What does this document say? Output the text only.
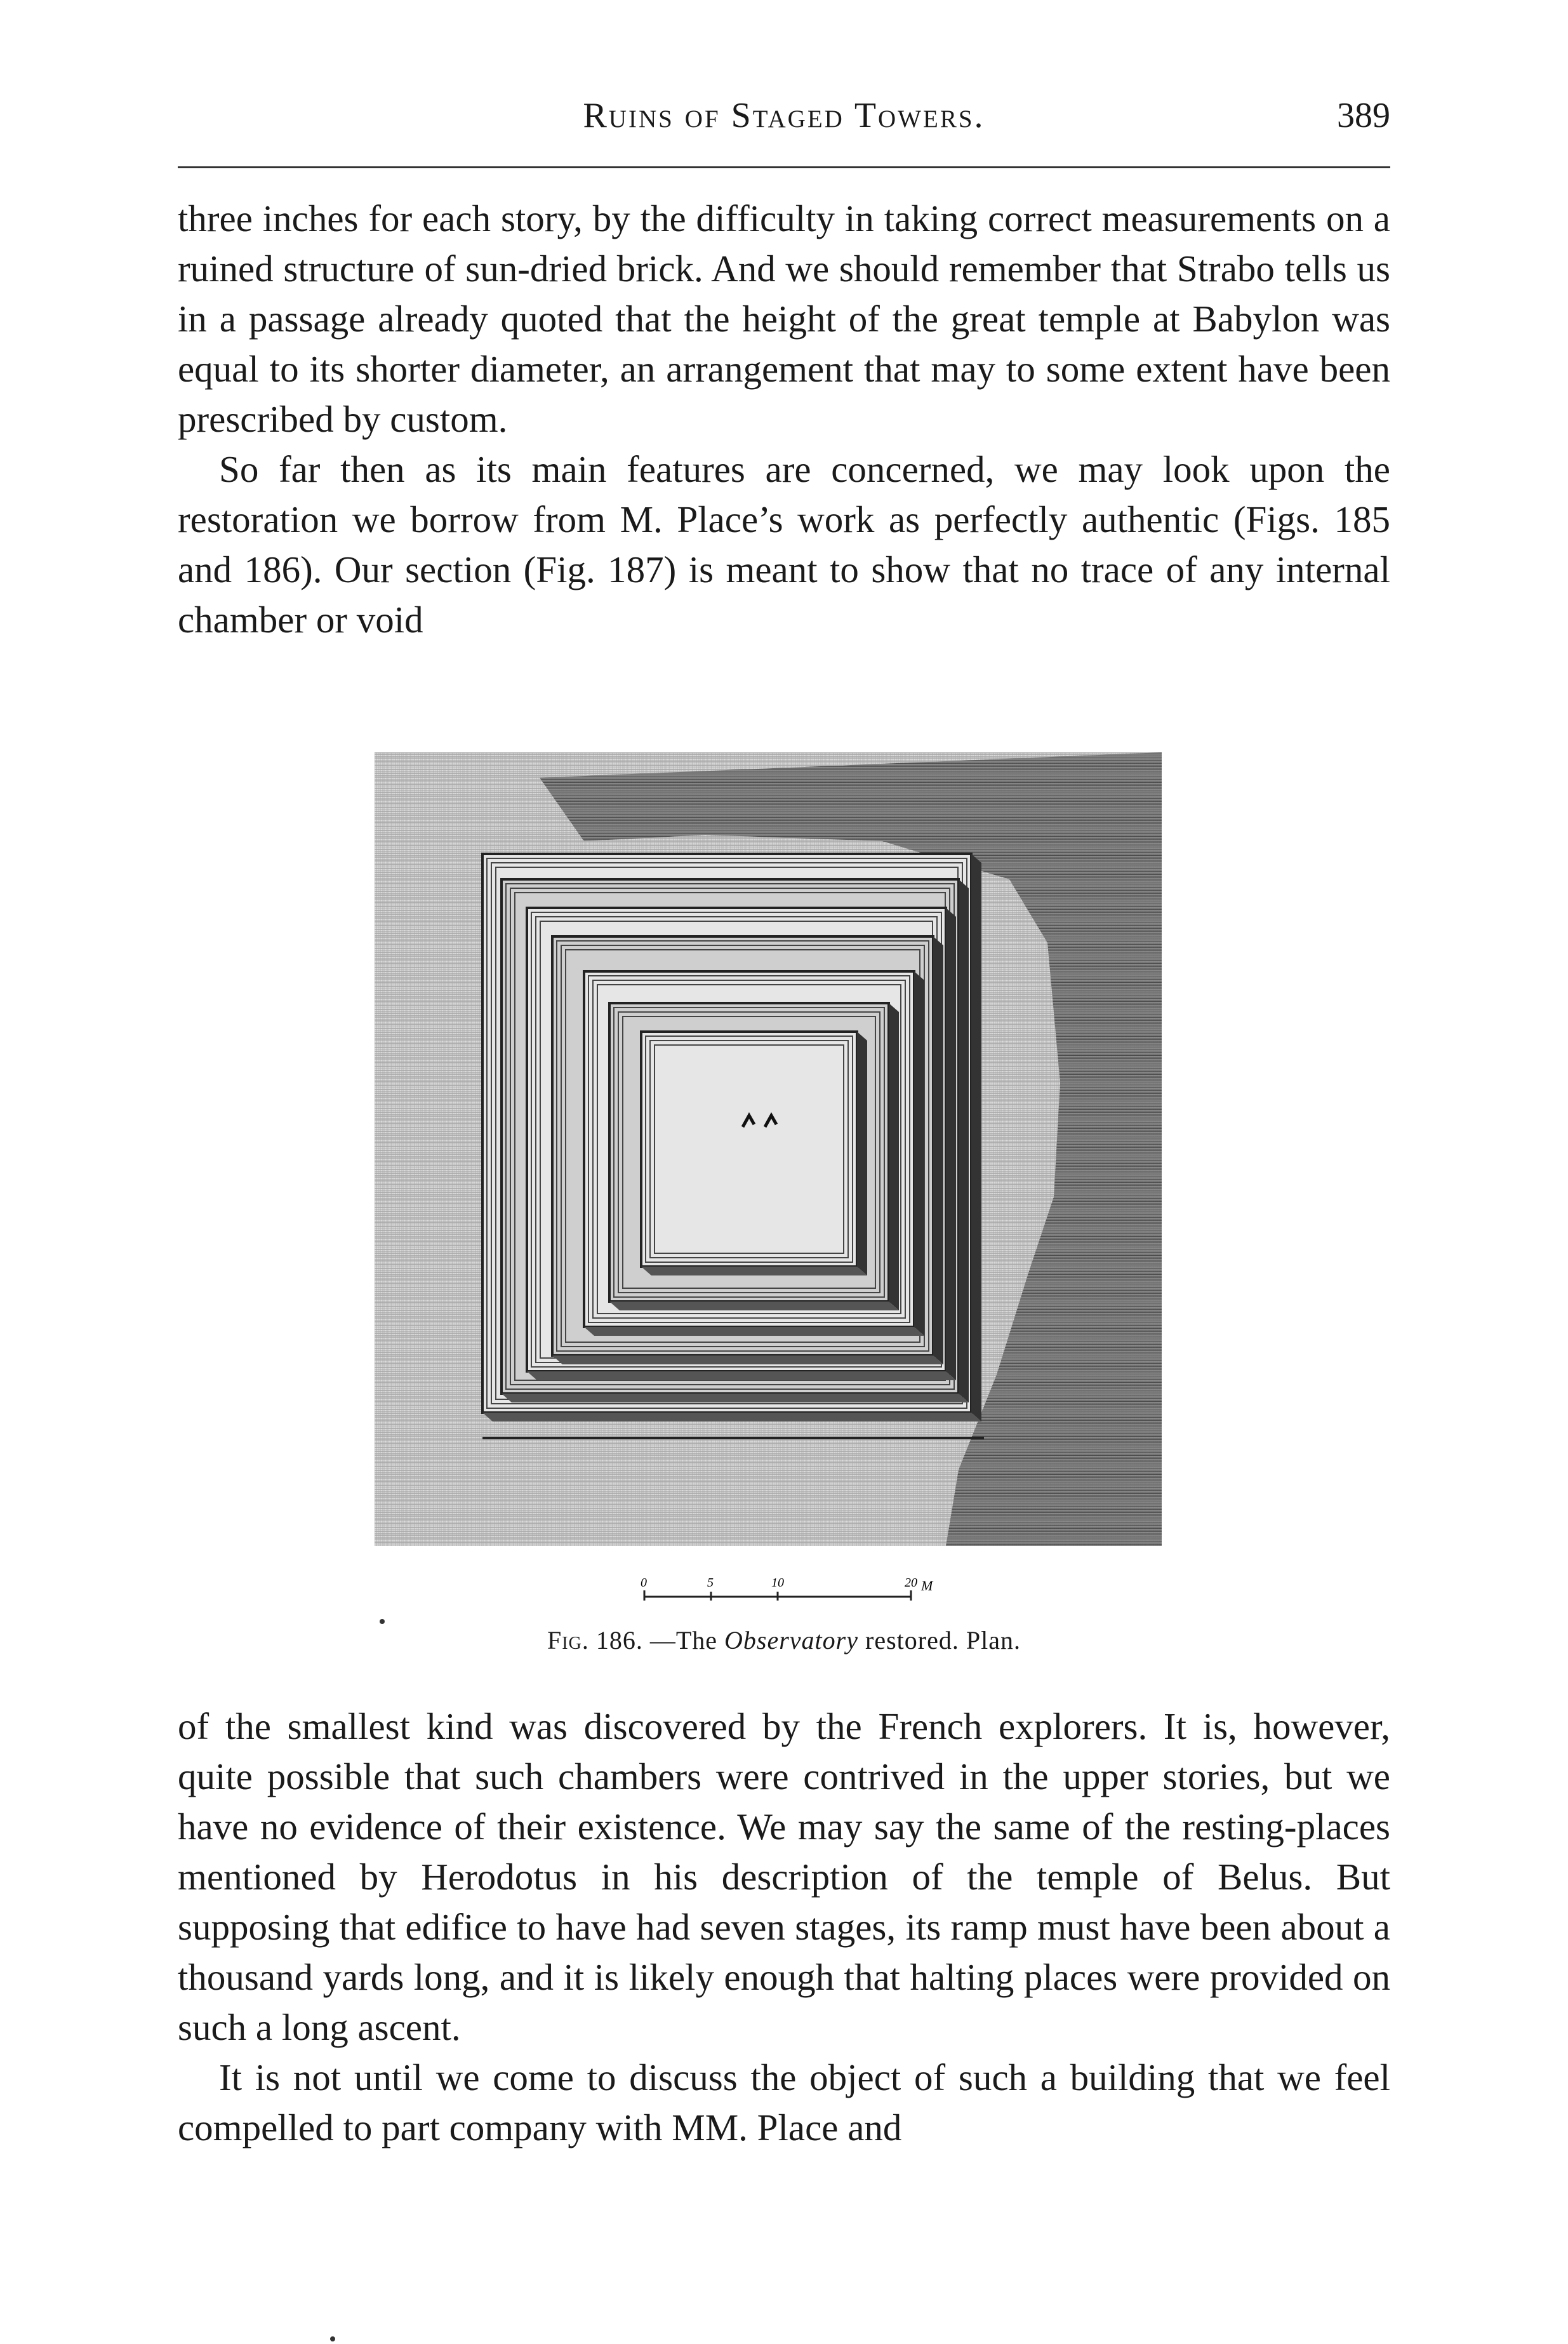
Ruins of Staged Towers.	389

three inches for each story, by the difficulty in taking correct measurements on a ruined structure of sun-dried brick. And we should remember that Strabo tells us in a passage already quoted that the height of the great temple at Babylon was equal to its shorter diameter, an arrangement that may to some extent have been prescribed by custom.

So far then as its main features are concerned, we may look upon the restoration we borrow from M. Place’s work as perfectly authentic (Figs. 185 and 186). Our section (Fig. 187) is meant to show that no trace of any internal chamber or void

0	5	10	20 M
Fig. 186. —The Observatory restored. Plan.

of the smallest kind was discovered by the French explorers. It is, however, quite possible that such chambers were contrived in the upper stories, but we have no evidence of their existence. We may say the same of the resting-places mentioned by Herodotus in his description of the temple of Belus. But supposing that edifice to have had seven stages, its ramp must have been about a thousand yards long, and it is likely enough that halting places were provided on such a long ascent.

It is not until we come to discuss the object of such a building that we feel compelled to part company with MM. Place and
